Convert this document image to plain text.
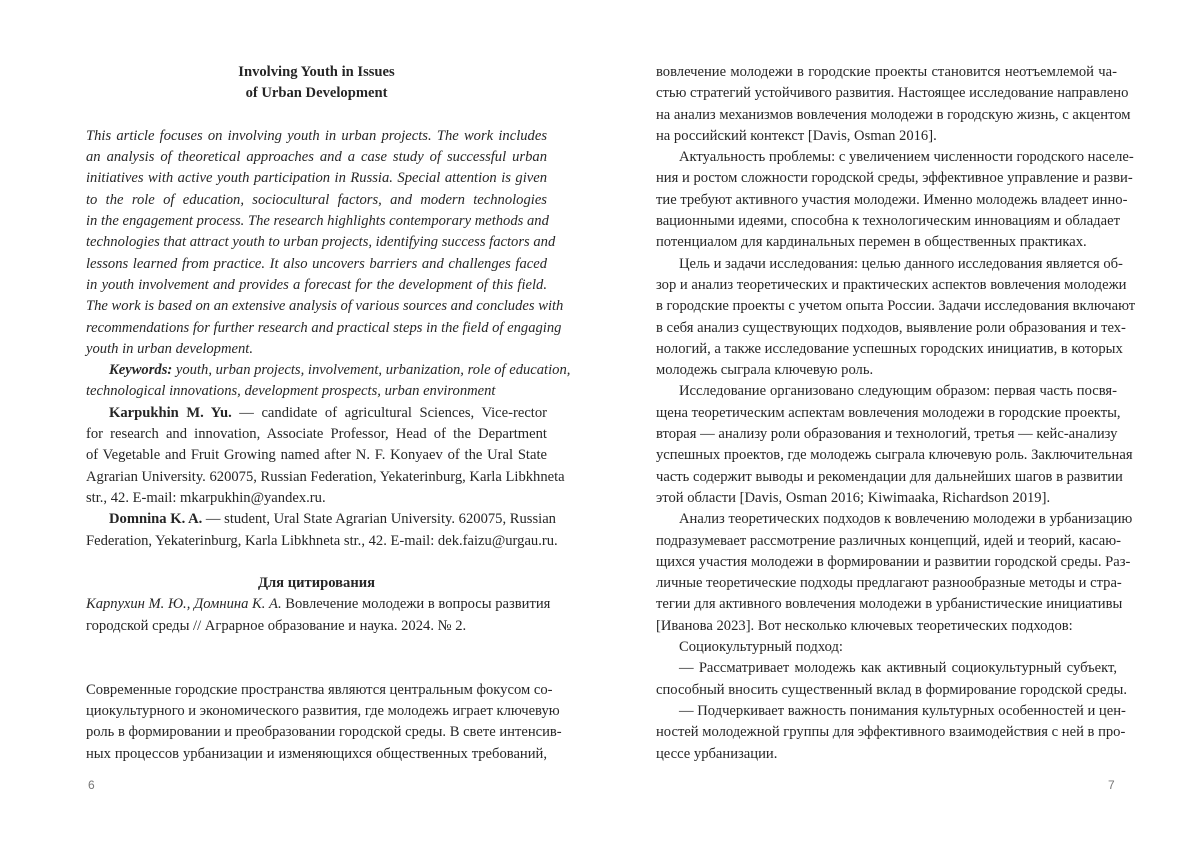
Involving Youth in Issues
of Urban Development
This article focuses on involving youth in urban projects. The work includes
an analysis of theoretical approaches and a case study of successful urban
initiatives with active youth participation in Russia. Special attention is given
to the role of education, sociocultural factors, and modern technologies
in the engagement process. The research highlights contemporary methods and
technologies that attract youth to urban projects, identifying success factors and
lessons learned from practice. It also uncovers barriers and challenges faced
in youth involvement and provides a forecast for the development of this field.
The work is based on an extensive analysis of various sources and concludes with
recommendations for further research and practical steps in the field of engaging
youth in urban development.
Keywords: youth, urban projects, involvement, urbanization, role of education,
technological innovations, development prospects, urban environment
Karpukhin M. Yu. — candidate of agricultural Sciences, Vice-rector
for research and innovation, Associate Professor, Head of the Department
of Vegetable and Fruit Growing named after N. F. Konyaev of the Ural State
Agrarian University. 620075, Russian Federation, Yekaterinburg, Karla Libkhneta
str., 42. E-mail: mkarpukhin@yandex.ru.
Domnina K. A. — student, Ural State Agrarian University. 620075, Russian
Federation, Yekaterinburg, Karla Libkhneta str., 42. E-mail: dek.faizu@urgau.ru.
Для цитирования
Карпухин М. Ю., Домнина К. А. Вовлечение молодежи в вопросы развития
городской среды // Аграрное образование и наука. 2024. № 2.
Современные городские пространства являются центральным фокусом со-
циокультурного и экономического развития, где молодежь играет ключевую
роль в формировании и преобразовании городской среды. В свете интенсив-
ных процессов урбанизации и изменяющихся общественных требований,
6
вовлечение молодежи в городские проекты становится неотъемлемой ча-
стью стратегий устойчивого развития. Настоящее исследование направлено
на анализ механизмов вовлечения молодежи в городскую жизнь, с акцентом
на российский контекст [Davis, Osman 2016].
Актуальность проблемы: с увеличением численности городского населе-
ния и ростом сложности городской среды, эффективное управление и разви-
тие требуют активного участия молодежи. Именно молодежь владеет инно-
вационными идеями, способна к технологическим инновациям и обладает
потенциалом для кардинальных перемен в общественных практиках.
Цель и задачи исследования: целью данного исследования является об-
зор и анализ теоретических и практических аспектов вовлечения молодежи
в городские проекты с учетом опыта России. Задачи исследования включают
в себя анализ существующих подходов, выявление роли образования и тех-
нологий, а также исследование успешных городских инициатив, в которых
молодежь сыграла ключевую роль.
Исследование организовано следующим образом: первая часть посвя-
щена теоретическим аспектам вовлечения молодежи в городские проекты,
вторая — анализу роли образования и технологий, третья — кейс-анализу
успешных проектов, где молодежь сыграла ключевую роль. Заключительная
часть содержит выводы и рекомендации для дальнейших шагов в развитии
этой области [Davis, Osman 2016; Kiwimaaka, Richardson 2019].
Анализ теоретических подходов к вовлечению молодежи в урбанизацию
подразумевает рассмотрение различных концепций, идей и теорий, касаю-
щихся участия молодежи в формировании и развитии городской среды. Раз-
личные теоретические подходы предлагают разнообразные методы и стра-
тегии для активного вовлечения молодежи в урбанистические инициативы
[Иванова 2023]. Вот несколько ключевых теоретических подходов:
Социокультурный подход:
— Рассматривает молодежь как активный социокультурный субъект,
способный вносить существенный вклад в формирование городской среды.
— Подчеркивает важность понимания культурных особенностей и цен-
ностей молодежной группы для эффективного взаимодействия с ней в про-
цессе урбанизации.
7
